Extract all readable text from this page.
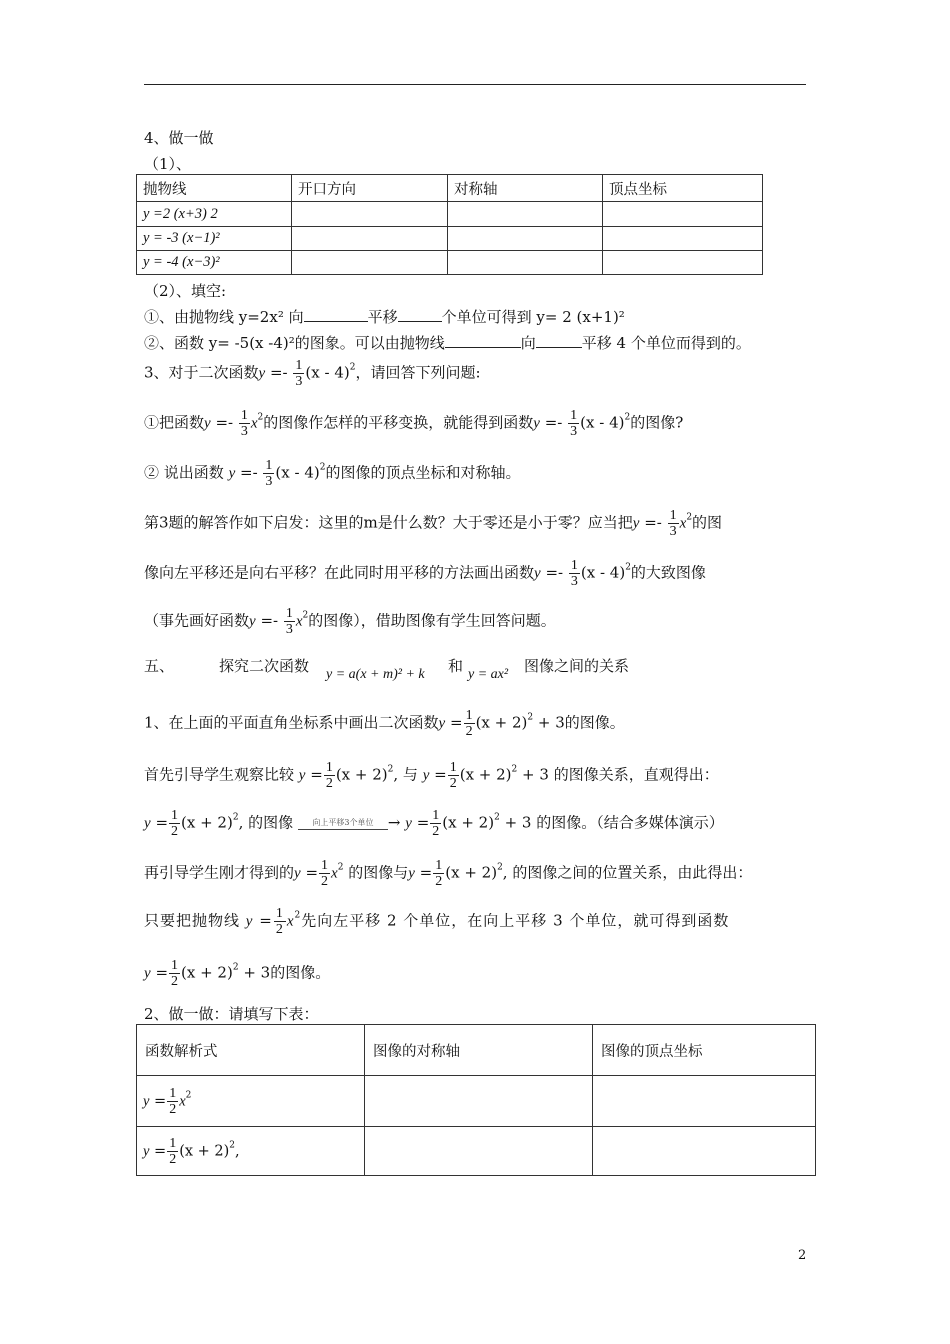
4、做一做
（1）、
抛物线	开口方向	对称轴	顶点坐标
y =2 (x+3) 2			
y = -3 (x−1)²			
y = -4 (x−3)²			
（2）、填空:
①、由抛物线 y=2x² 向	平移	个单位可得到 y= 2 (x+1)²
②、函数 y= -5(x -4)²的图象。可以由抛物线	向	平移 4 个单位而得到的。
3、对于二次函数$y =- \frac{1}{3} (x - 4)^2$，请回答下列问题:
①把函数$y =- \frac{1}{3} x^2$的图像作怎样的平移变换，就能得到函数$y =- \frac{1}{3} (x - 4)^2$的图像?
② 说出函数 $y =- \frac{1}{3} (x - 4)^2$的图像的顶点坐标和对称轴。
第3题的解答作如下启发：这里的m是什么数？大于零还是小于零？应当把$y =- \frac{1}{3} x^2$的图
像向左平移还是向右平移？在此同时用平移的方法画出函数$y =- \frac{1}{3} (x - 4)^2$的大致图像
（事先画好函数$y =- \frac{1}{3} x^2$的图像），借助图像有学生回答问题。
五、	探究二次函数 y = a(x + m)² + k 和 y = ax² 图像之间的关系
1、在上面的平面直角坐标系中画出二次函数$y = \frac{1}{2} (x + 2)^2 + 3$的图像。
首先引导学生观察比较 $y = \frac{1}{2} (x + 2)^2$, 与 $y = \frac{1}{2} (x + 2)^2 + 3$ 的图像关系，直观得出：
$y = \frac{1}{2} (x + 2)^2$, 的图像 向上平移3个单位 → $y = \frac{1}{2} (x + 2)^2 + 3$ 的图像。（结合多媒体演示）
再引导学生刚才得到的$y = \frac{1}{2} x^2$ 的图像与$y = \frac{1}{2} (x + 2)^2$, 的图像之间的位置关系，由此得出：
只要把抛物线 $y = \frac{1}{2} x^2$先向左平移 2 个单位，在向上平移 3 个单位，就可得到函数
$y = \frac{1}{2} (x + 2)^2 + 3$的图像。
2、做一做：请填写下表：
函数解析式	图像的对称轴	图像的顶点坐标
$y = \frac{1}{2} x^2$		
$y = \frac{1}{2} (x + 2)^2$,		
2
